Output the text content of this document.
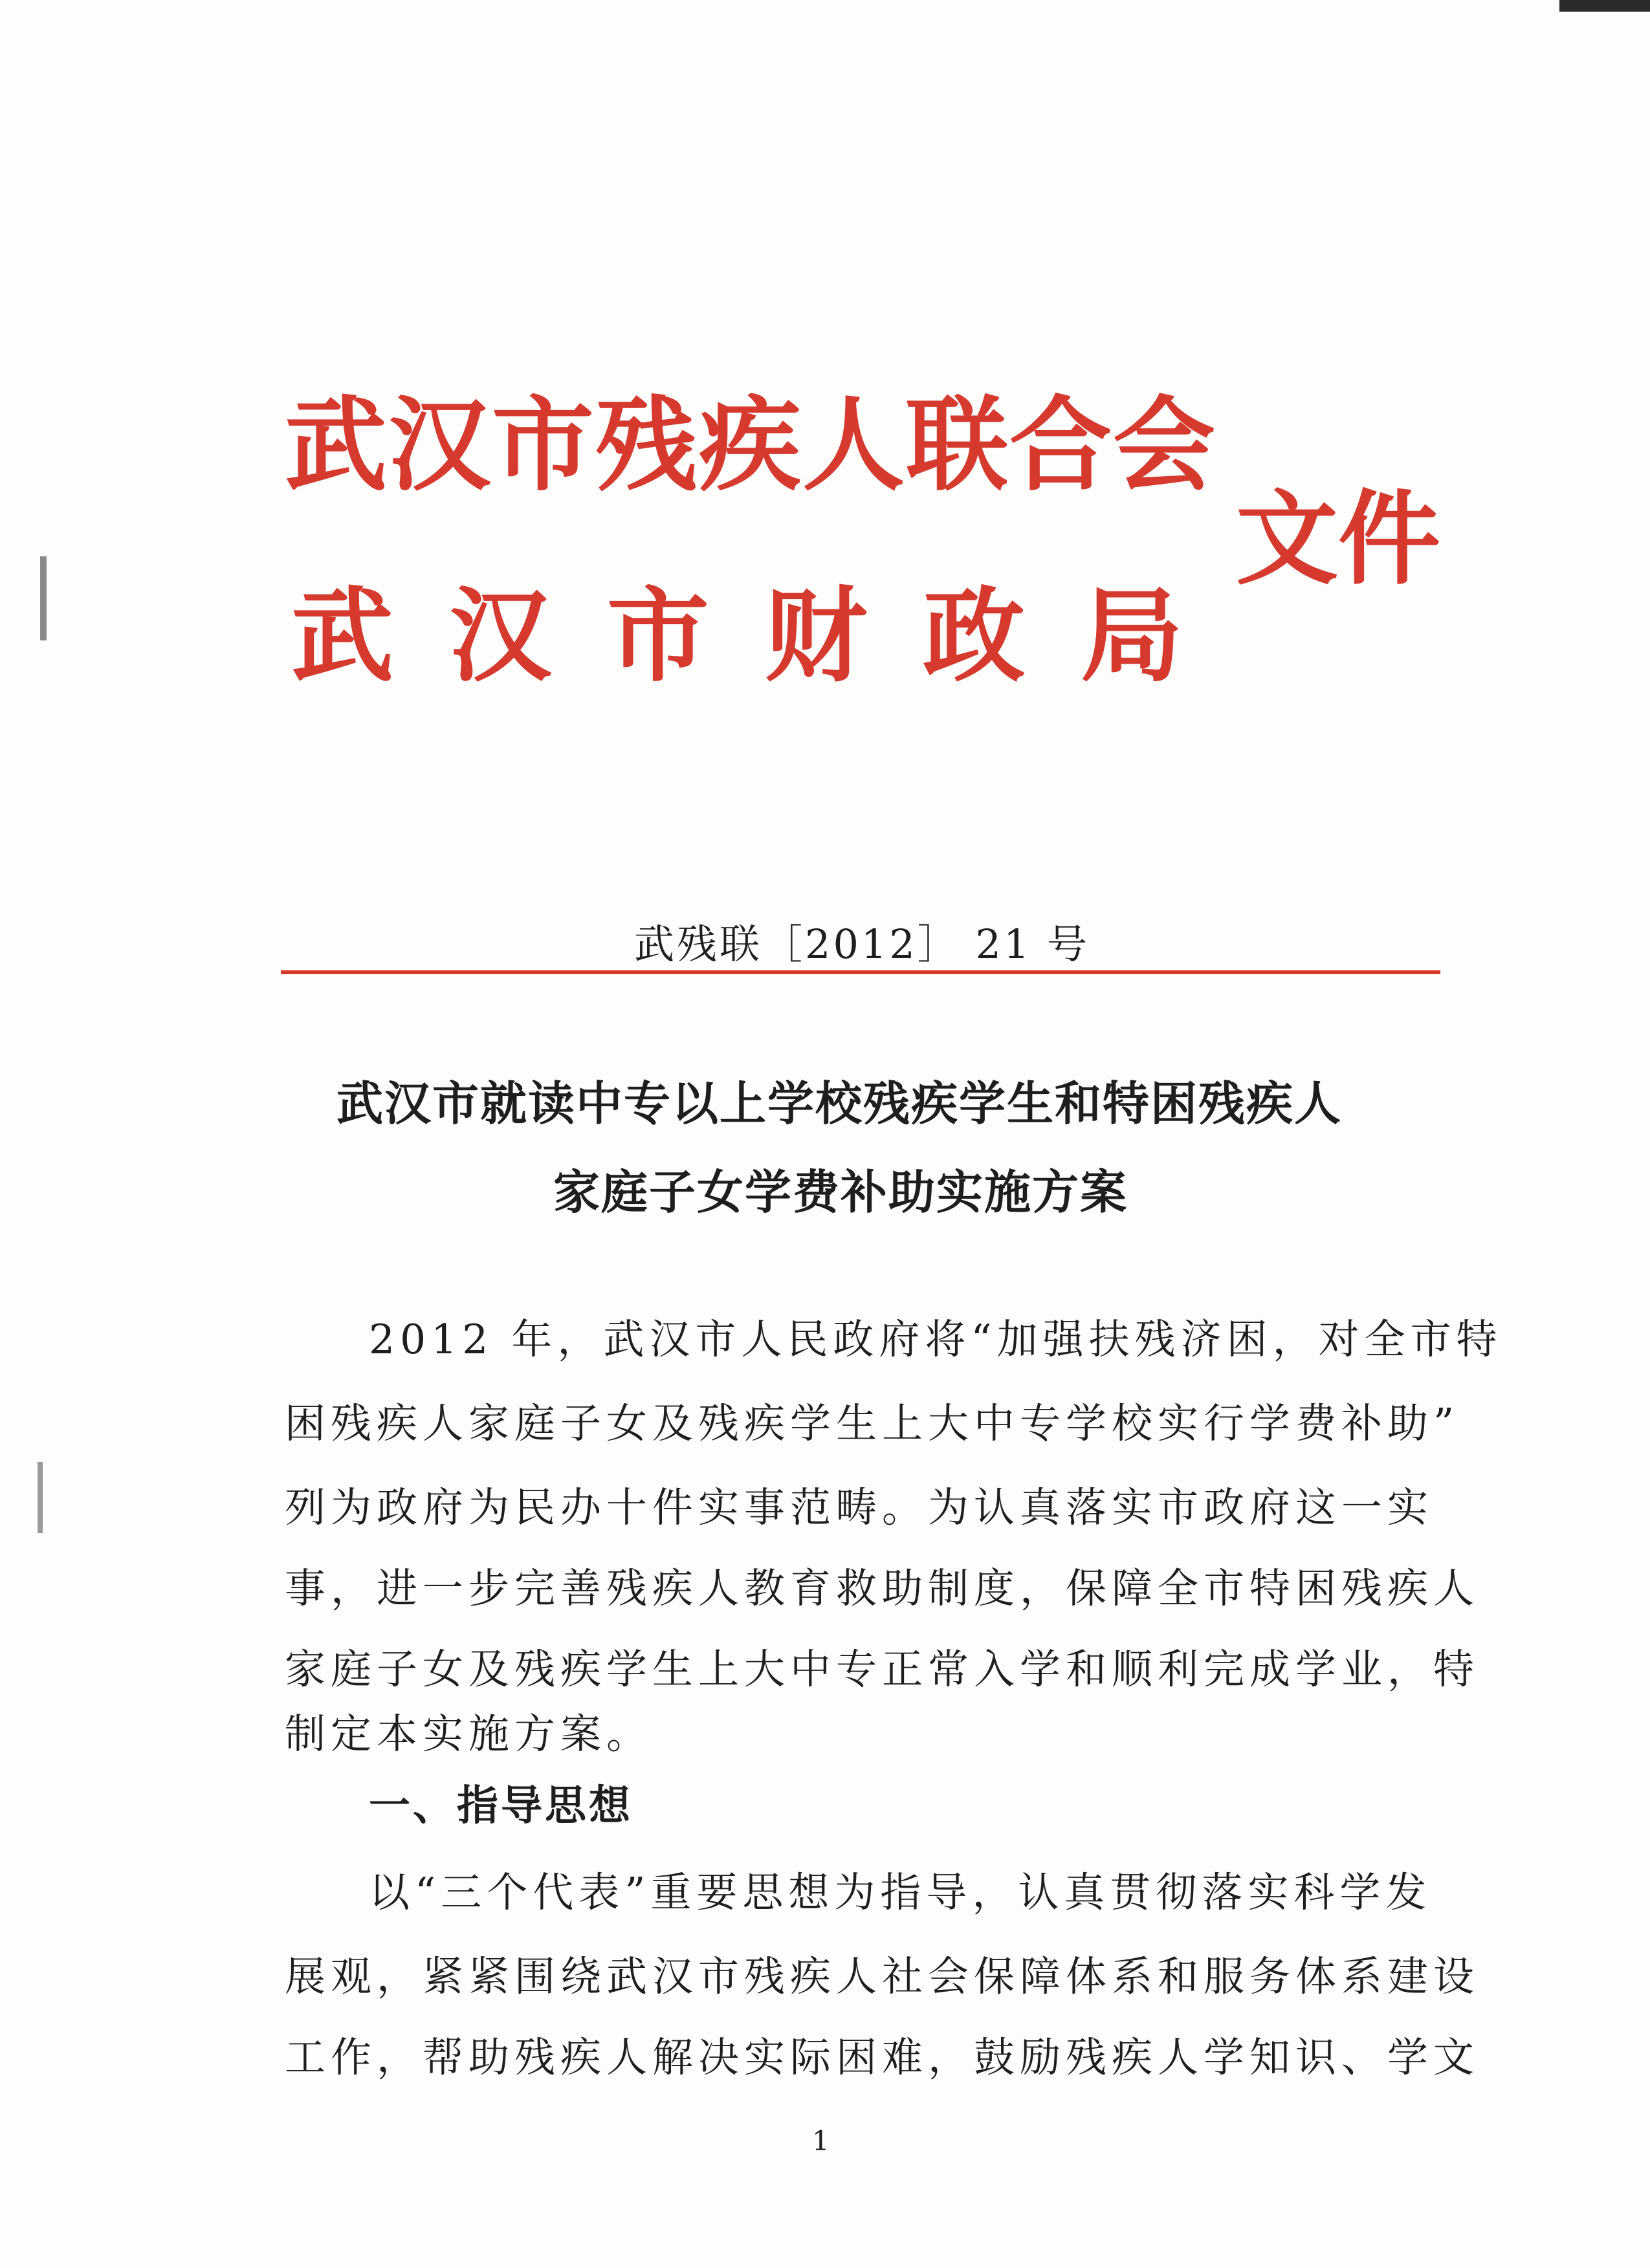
武汉市残疾人联合会
武汉市财政局
文件
武残联［2012］ 21 号
武汉市就读中专以上学校残疾学生和特困残疾人
家庭子女学费补助实施方案
2012 年，武汉市人民政府将“加强扶残济困，对全市特
困残疾人家庭子女及残疾学生上大中专学校实行学费补助”
列为政府为民办十件实事范畴。为认真落实市政府这一实
事，进一步完善残疾人教育救助制度，保障全市特困残疾人
家庭子女及残疾学生上大中专正常入学和顺利完成学业，特
制定本实施方案。
一、指导思想
以“三个代表”重要思想为指导，认真贯彻落实科学发
展观，紧紧围绕武汉市残疾人社会保障体系和服务体系建设
工作，帮助残疾人解决实际困难，鼓励残疾人学知识、学文
1
